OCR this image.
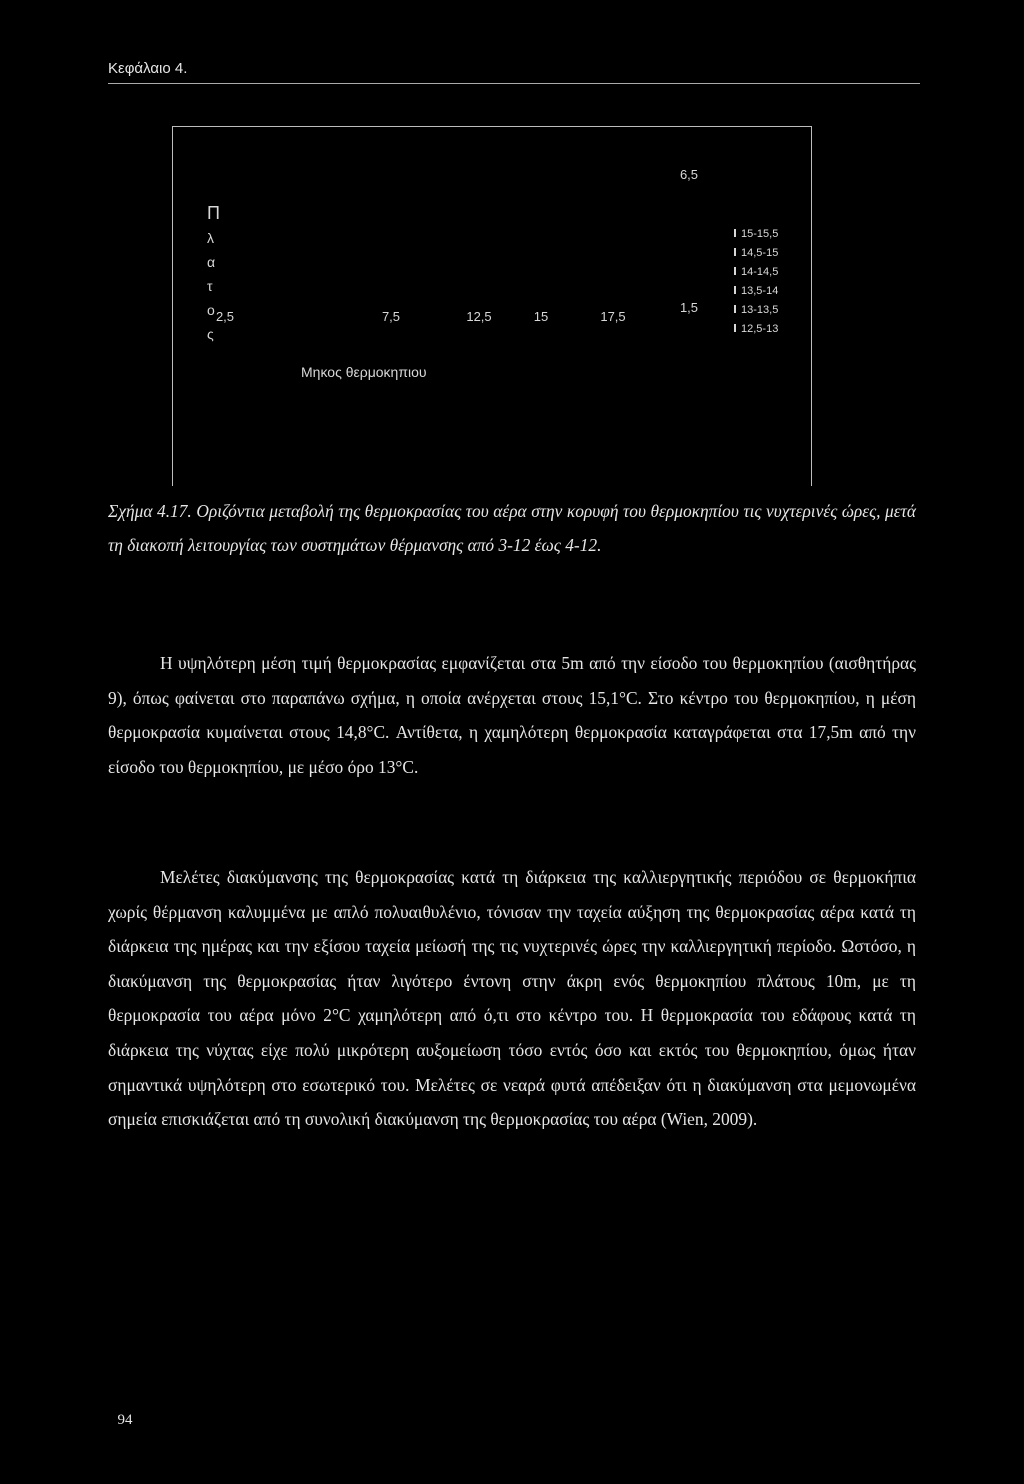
Κεφάλαιο 4.
Π
λ
α
τ
ο
ς
2,5	7,5	12,5	15	17,5
6,5
1,5
15-15,5
14,5-15
14-14,5
13,5-14
13-13,5
12,5-13
Μηκος θερμοκηπιου
Σχήμα 4.17. Οριζόντια μεταβολή της θερμοκρασίας του αέρα στην κορυφή του θερμοκηπίου τις νυχτερινές ώρες, μετά τη διακοπή λειτουργίας των συστημάτων θέρμανσης από 3-12 έως 4-12.
Η υψηλότερη μέση τιμή θερμοκρασίας εμφανίζεται στα 5m από την είσοδο του θερμοκηπίου (αισθητήρας 9), όπως φαίνεται στο παραπάνω σχήμα, η οποία ανέρχεται στους 15,1°C. Στο κέντρο του θερμοκηπίου, η μέση θερμοκρασία κυμαίνεται στους 14,8°C. Αντίθετα, η χαμηλότερη θερμοκρασία καταγράφεται στα 17,5m από την είσοδο του θερμοκηπίου, με μέσο όρο 13°C.
Μελέτες διακύμανσης της θερμοκρασίας κατά τη διάρκεια της καλλιεργητικής περιόδου σε θερμοκήπια χωρίς θέρμανση καλυμμένα με απλό πολυαιθυλένιο, τόνισαν την ταχεία αύξηση της θερμοκρασίας αέρα κατά τη διάρκεια της ημέρας και την εξίσου ταχεία μείωσή της τις νυχτερινές ώρες την καλλιεργητική περίοδο. Ωστόσο, η διακύμανση της θερμοκρασίας ήταν λιγότερο έντονη στην άκρη ενός θερμοκηπίου πλάτους 10m, με τη θερμοκρασία του αέρα μόνο 2°C χαμηλότερη από ό,τι στο κέντρο του. Η θερμοκρασία του εδάφους κατά τη διάρκεια της νύχτας είχε πολύ μικρότερη αυξομείωση τόσο εντός όσο και εκτός του θερμοκηπίου, όμως ήταν σημαντικά υψηλότερη στο εσωτερικό του. Μελέτες σε νεαρά φυτά απέδειξαν ότι η διακύμανση στα μεμονωμένα σημεία επισκιάζεται από τη συνολική διακύμανση της θερμοκρασίας του αέρα (Wien, 2009).
94
